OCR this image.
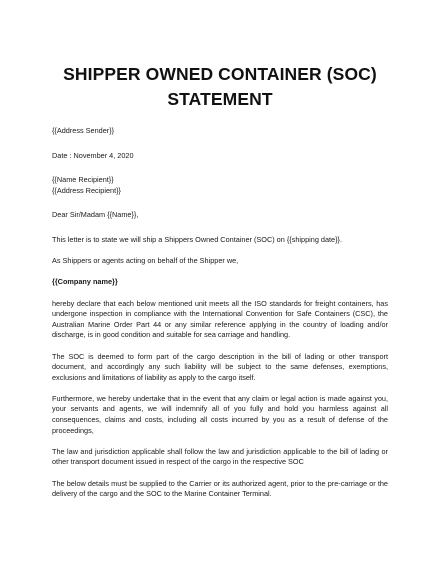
SHIPPER OWNED CONTAINER (SOC)
STATEMENT

{{Address Sender}}

Date : November 4, 2020

{{Name Recipient}}

{{Address Recipient}}

Dear Sir/Madam {{Name}},

This letter is to state we will ship a Shippers Owned Container (SOC) on {{shipping date}}.

As Shippers or agents acting on behalf of the Shipper we,

{{Company name}}

hereby declare that each below mentioned unit meets all the ISO standards for freight containers, has undergone inspection in compliance with the International Convention for Safe Containers (CSC), the Australian Marine Order Part 44 or any similar reference applying in the country of loading and/or discharge, is in good condition and suitable for sea carriage and handling.

The SOC is deemed to form part of the cargo description in the bill of lading or other transport document, and accordingly any such liability will be subject to the same defenses, exemptions, exclusions and limitations of liability as apply to the cargo itself.

Furthermore, we hereby undertake that in the event that any claim or legal action is made against you, your servants and agents, we will indemnify all of you fully and hold you harmless against all consequences, claims and costs, including all costs incurred by you as a result of defense of the proceedings,

The law and jurisdiction applicable shall follow the law and jurisdiction applicable to the bill of lading or other transport document issued in respect of the cargo in the respective SOC

The below details must be supplied to the Carrier or its authorized agent, prior to the pre-carriage or the delivery of the cargo and the SOC to the Marine Container Terminal.
